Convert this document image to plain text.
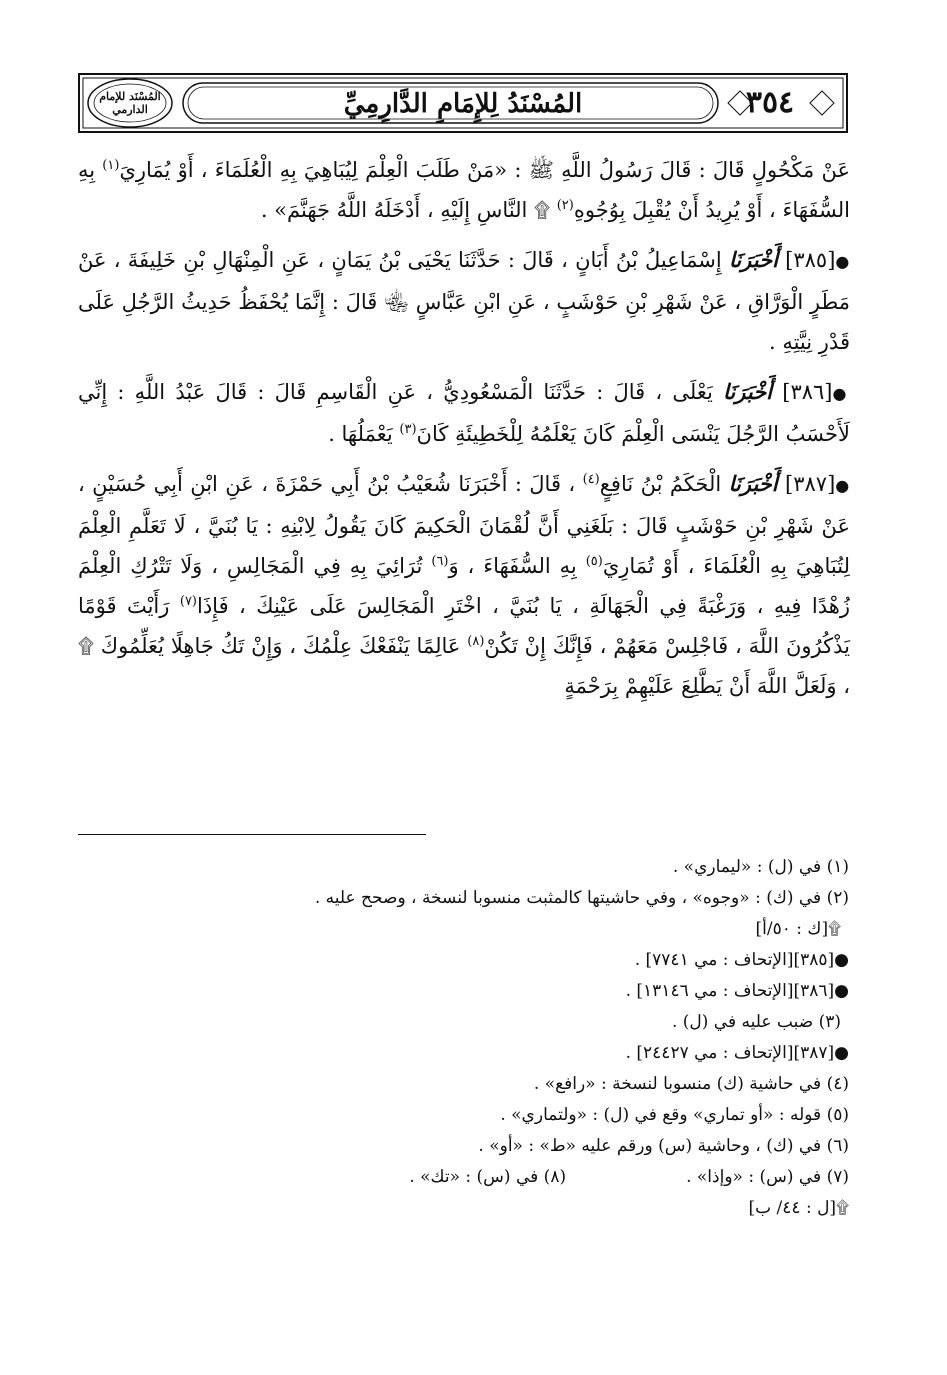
٣٥٤
المُسْنَدُ لِلإِمَامِ الدَّارِمِيِّ
المُسْنَد للإمام الدارمي

عَنْ مَكْحُولٍ قَالَ : قَالَ رَسُولُ اللَّهِ ﷺ : «مَنْ طَلَبَ الْعِلْمَ لِيُبَاهِيَ بِهِ الْعُلَمَاءَ ، أَوْ يُمَارِيَ$^{(١)}$ بِهِ السُّفَهَاءَ ، أَوْ يُرِيدُ أَنْ يُقْبِلَ بِوُجُوهِ$^{(٢)}$ ۩ النَّاسِ إِلَيْهِ ، أَدْخَلَهُ اللَّهُ جَهَنَّمَ» .

●[٣٨٥] أَخْبَرَنَا إِسْمَاعِيلُ بْنُ أَبَانٍ ، قَالَ : حَدَّثَنَا يَحْيَى بْنُ يَمَانٍ ، عَنِ الْمِنْهَالِ بْنِ خَلِيفَةَ ، عَنْ مَطَرٍ الْوَرَّاقِ ، عَنْ شَهْرِ بْنِ حَوْشَبٍ ، عَنِ ابْنِ عَبَّاسٍ ﵄ قَالَ : إِنَّمَا يُحْفَظُ حَدِيثُ الرَّجُلِ عَلَى قَدْرِ نِيَّتِهِ .

●[٣٨٦] أَخْبَرَنَا يَعْلَى ، قَالَ : حَدَّثَنَا الْمَسْعُودِيُّ ، عَنِ الْقَاسِمِ قَالَ : قَالَ عَبْدُ اللَّهِ : إِنِّي لَأَحْسَبُ الرَّجُلَ يَنْسَى الْعِلْمَ كَانَ يَعْلَمُهُ لِلْخَطِيئَةِ كَانَ$^{(٣)}$ يَعْمَلُهَا .

●[٣٨٧] أَخْبَرَنَا الْحَكَمُ بْنُ نَافِعٍ$^{(٤)}$ ، قَالَ : أَخْبَرَنَا شُعَيْبُ بْنُ أَبِي حَمْزَةَ ، عَنِ ابْنِ أَبِي حُسَيْنٍ ، عَنْ شَهْرِ بْنِ حَوْشَبٍ قَالَ : بَلَغَنِي أَنَّ لُقْمَانَ الْحَكِيمَ كَانَ يَقُولُ لِابْنِهِ : يَا بُنَيَّ ، لَا تَعَلَّمِ الْعِلْمَ لِتُبَاهِيَ بِهِ الْعُلَمَاءَ ، أَوْ تُمَارِيَ$^{(٥)}$ بِهِ السُّفَهَاءَ ، وَ$^{(٦)}$ تُرَائِيَ بِهِ فِي الْمَجَالِسِ ، وَلَا تَتْرُكِ الْعِلْمَ زُهْدًا فِيهِ ، وَرَغْبَةً فِي الْجَهَالَةِ ، يَا بُنَيَّ ، اخْتَرِ الْمَجَالِسَ عَلَى عَيْنِكَ ، فَإِذَا$^{(٧)}$ رَأَيْتَ قَوْمًا يَذْكُرُونَ اللَّهَ ، فَاجْلِسْ مَعَهُمْ ، فَإِنَّكَ إِنْ تَكُنْ$^{(٨)}$ عَالِمًا يَنْفَعْكَ عِلْمُكَ ، وَإِنْ تَكُ جَاهِلًا يُعَلِّمُوكَ ۩ ، وَلَعَلَّ اللَّهَ أَنْ يَطَّلِعَ عَلَيْهِمْ بِرَحْمَةٍ

(١) في (ل) : «ليماري» .

(٢) في (ك) : «وجوه» ، وفي حاشيتها كالمثبت منسوبا لنسخة ، وصحح عليه .

۩[ك : ٥٠/أ]

●[٣٨٥][الإتحاف : مي ٧٧٤١] .

●[٣٨٦][الإتحاف : مي ١٣١٤٦] .

(٣) ضبب عليه في (ل) .

●[٣٨٧][الإتحاف : مي ٢٤٤٢٧] .

(٤) في حاشية (ك) منسوبا لنسخة : «رافع» .

(٥) قوله : «أو تماري» وقع في (ل) : «ولتماري» .

(٦) في (ك) ، وحاشية (س) ورقم عليه «ط» : «أو» .

(٧) في (س) : «وإذا» .
(٨) في (س) : «تك» .

۩[ل : ٤٤/ ب]
